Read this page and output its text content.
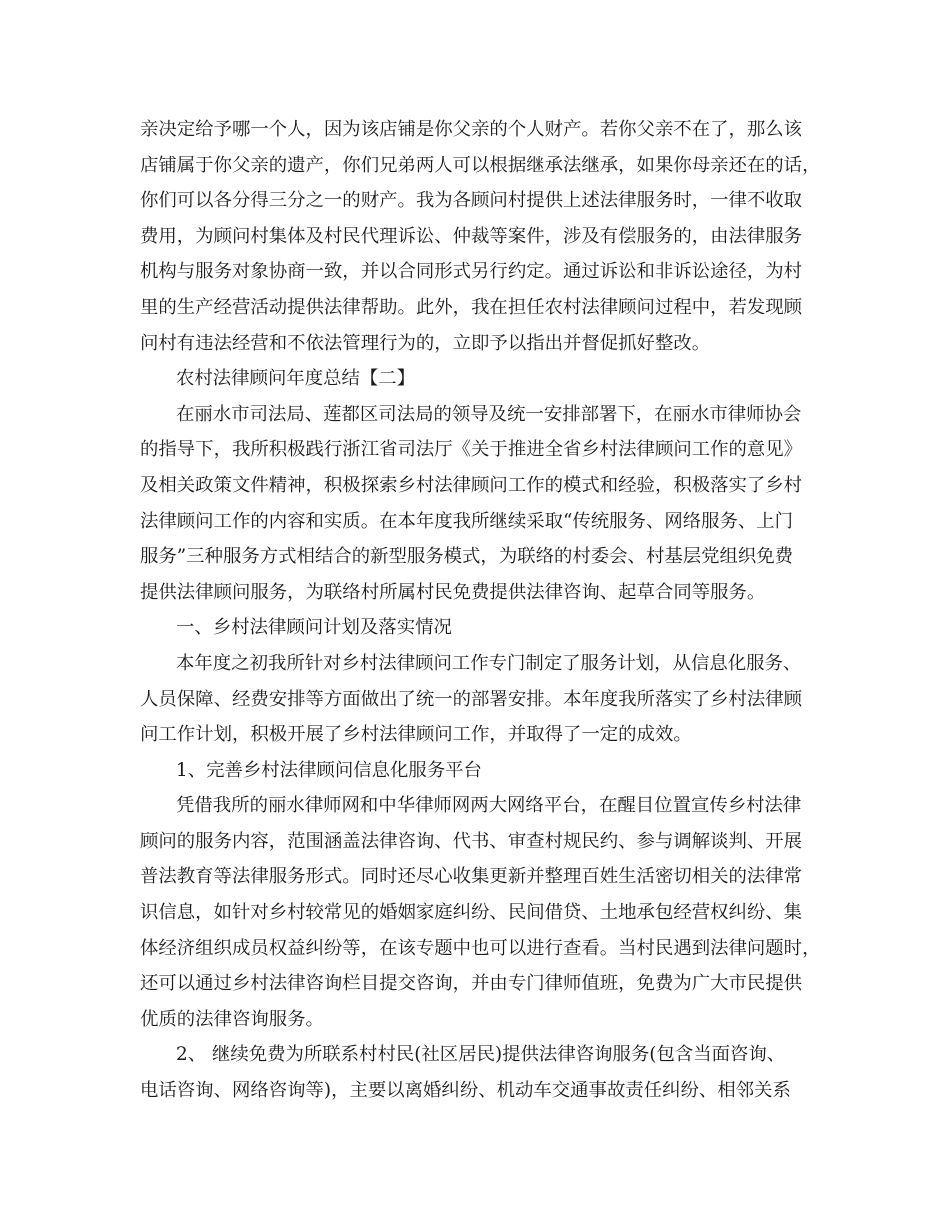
亲决定给予哪一个人，因为该店铺是你父亲的个人财产。若你父亲不在了，那么该
店铺属于你父亲的遗产，你们兄弟两人可以根据继承法继承，如果你母亲还在的话，
你们可以各分得三分之一的财产。我为各顾问村提供上述法律服务时，一律不收取
费用，为顾问村集体及村民代理诉讼、仲裁等案件，涉及有偿服务的，由法律服务
机构与服务对象协商一致，并以合同形式另行约定。通过诉讼和非诉讼途径，为村
里的生产经营活动提供法律帮助。此外，我在担任农村法律顾问过程中，若发现顾
问村有违法经营和不依法管理行为的，立即予以指出并督促抓好整改。
农村法律顾问年度总结【二】
在丽水市司法局、莲都区司法局的领导及统一安排部署下，在丽水市律师协会
的指导下，我所积极践行浙江省司法厅《关于推进全省乡村法律顾问工作的意见》
及相关政策文件精神，积极探索乡村法律顾问工作的模式和经验，积极落实了乡村
法律顾问工作的内容和实质。在本年度我所继续采取“传统服务、网络服务、上门
服务”三种服务方式相结合的新型服务模式，为联络的村委会、村基层党组织免费
提供法律顾问服务，为联络村所属村民免费提供法律咨询、起草合同等服务。
一、乡村法律顾问计划及落实情况
本年度之初我所针对乡村法律顾问工作专门制定了服务计划，从信息化服务、
人员保障、经费安排等方面做出了统一的部署安排。本年度我所落实了乡村法律顾
问工作计划，积极开展了乡村法律顾问工作，并取得了一定的成效。
1、完善乡村法律顾问信息化服务平台
凭借我所的丽水律师网和中华律师网两大网络平台，在醒目位置宣传乡村法律
顾问的服务内容，范围涵盖法律咨询、代书、审查村规民约、参与调解谈判、开展
普法教育等法律服务形式。同时还尽心收集更新并整理百姓生活密切相关的法律常
识信息，如针对乡村较常见的婚姻家庭纠纷、民间借贷、土地承包经营权纠纷、集
体经济组织成员权益纠纷等，在该专题中也可以进行查看。当村民遇到法律问题时，
还可以通过乡村法律咨询栏目提交咨询，并由专门律师值班，免费为广大市民提供
优质的法律咨询服务。
2、 继续免费为所联系村村民(社区居民)提供法律咨询服务(包含当面咨询、
电话咨询、网络咨询等)，主要以离婚纠纷、机动车交通事故责任纠纷、相邻关系
